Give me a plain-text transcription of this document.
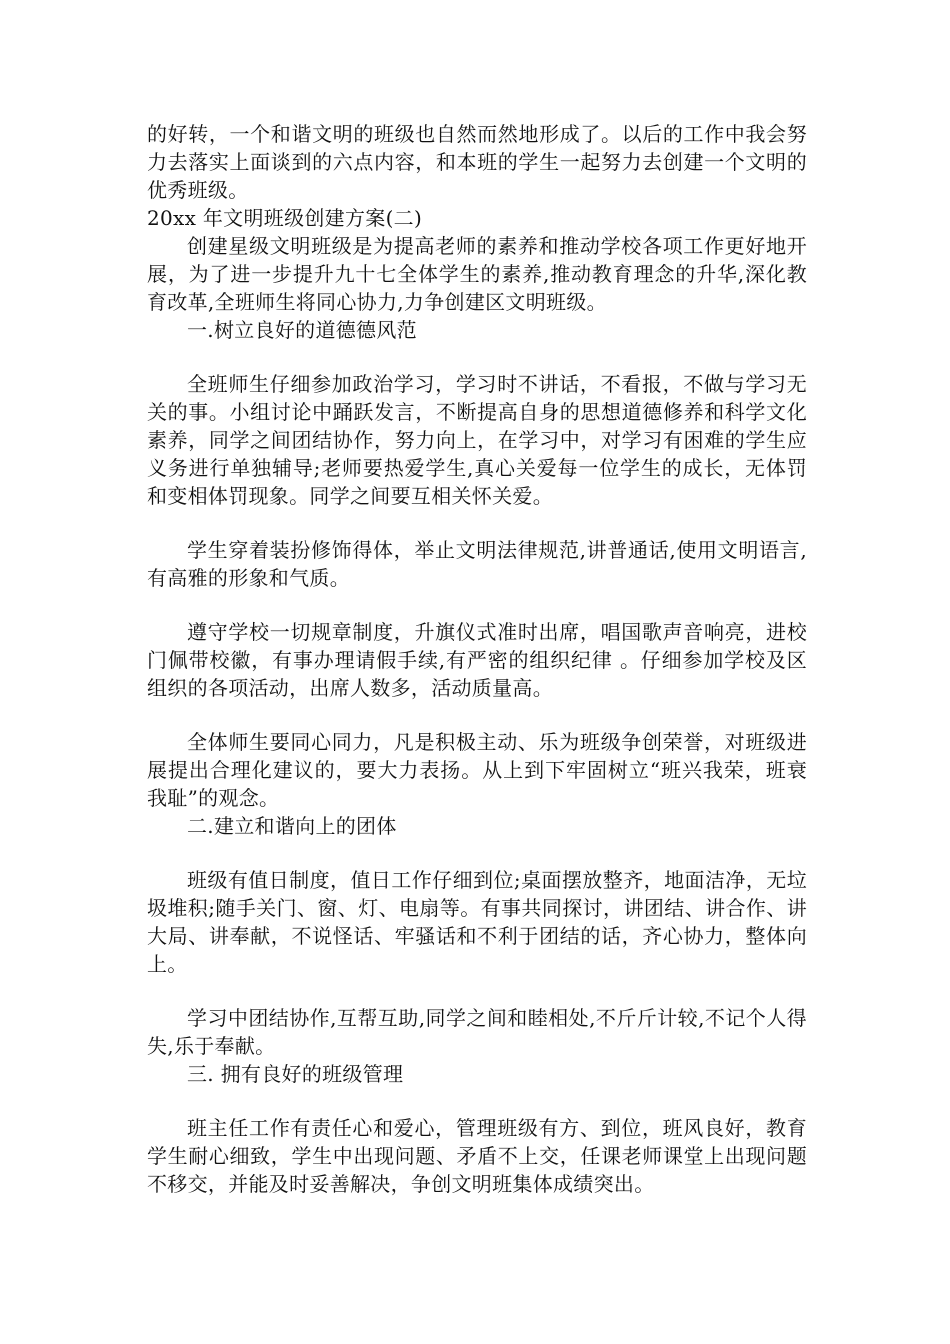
的好转，一个和谐文明的班级也自然而然地形成了。以后的工作中我会努力去落实上面谈到的六点内容，和本班的学生一起努力去创建一个文明的优秀班级。

20xx 年文明班级创建方案(二)

创建星级文明班级是为提高老师的素养和推动学校各项工作更好地开展，为了进一步提升九十七全体学生的素养,推动教育理念的升华,深化教育改革,全班师生将同心协力,力争创建区文明班级。

一.树立良好的道德德风范

全班师生仔细参加政治学习，学习时不讲话，不看报，不做与学习无关的事。小组讨论中踊跃发言，不断提高自身的思想道德修养和科学文化素养，同学之间团结协作，努力向上，在学习中，对学习有困难的学生应义务进行单独辅导;老师要热爱学生,真心关爱每一位学生的成长，无体罚和变相体罚现象。同学之间要互相关怀关爱。

学生穿着装扮修饰得体，举止文明法律规范,讲普通话,使用文明语言,有高雅的形象和气质。

遵守学校一切规章制度，升旗仪式准时出席，唱国歌声音响亮，进校门佩带校徽，有事办理请假手续,有严密的组织纪律 。仔细参加学校及区组织的各项活动，出席人数多，活动质量高。

全体师生要同心同力，凡是积极主动、乐为班级争创荣誉，对班级进展提出合理化建议的，要大力表扬。从上到下牢固树立“班兴我荣，班衰我耻”的观念。

二.建立和谐向上的团体

班级有值日制度，值日工作仔细到位;桌面摆放整齐，地面洁净，无垃圾堆积;随手关门、窗、灯、电扇等。有事共同探讨，讲团结、讲合作、讲大局、讲奉献，不说怪话、牢骚话和不利于团结的话，齐心协力，整体向上。

学习中团结协作,互帮互助,同学之间和睦相处,不斤斤计较,不记个人得失,乐于奉献。

三. 拥有良好的班级管理

班主任工作有责任心和爱心，管理班级有方、到位，班风良好，教育学生耐心细致，学生中出现问题、矛盾不上交，任课老师课堂上出现问题不移交，并能及时妥善解决，争创文明班集体成绩突出。
